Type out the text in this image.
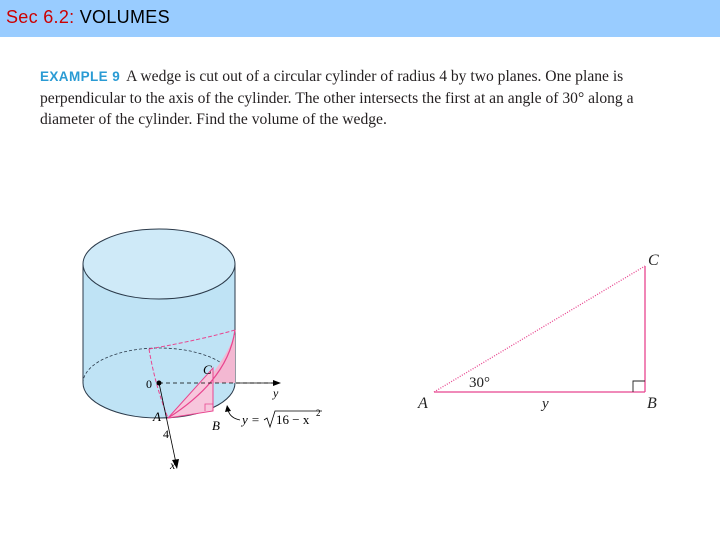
Sec 6.2: VOLUMES
EXAMPLE 9 A wedge is cut out of a circular cylinder of radius 4 by two planes. One plane is perpendicular to the axis of the cylinder. The other intersects the first at an angle of 30° along a diameter of the cylinder. Find the volume of the wedge.
0
C
y
A
B
4
x
y = 16 − x 2
C
30°
A	y	B
